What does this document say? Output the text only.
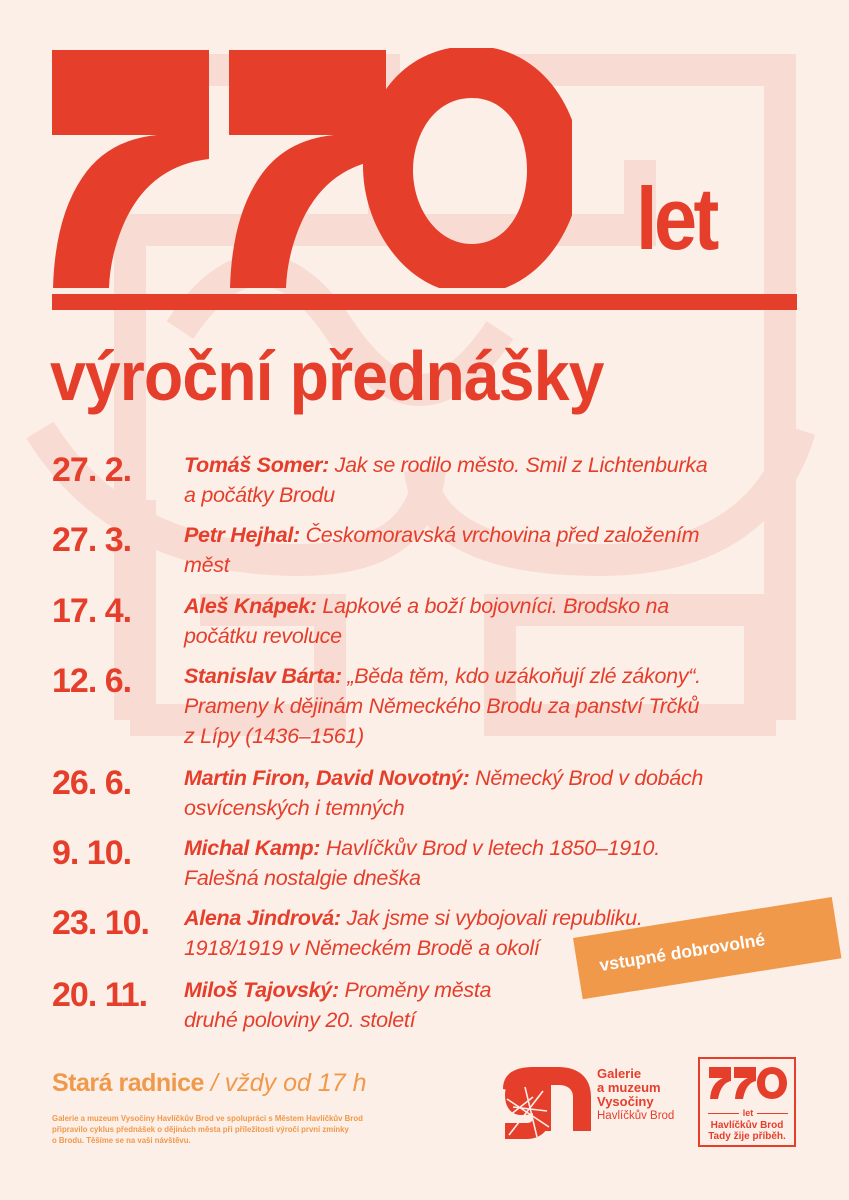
let
výroční přednášky
27. 2.	Tomáš Somer: Jak se rodilo město. Smil z Lichtenburka
a počátky Brodu
27. 3.	Petr Hejhal: Českomoravská vrchovina před založením
měst
17. 4.	Aleš Knápek: Lapkové a boží bojovníci. Brodsko na
počátku revoluce
12. 6.	Stanislav Bárta: „Běda těm, kdo uzákoňují zlé zákony“.
Prameny k dějinám Německého Brodu za panství Trčků
z Lípy (1436–1561)
26. 6.	Martin Firon, David Novotný: Německý Brod v dobách
osvícenských i temných
9. 10.	Michal Kamp: Havlíčkův Brod v letech 1850–1910.
Falešná nostalgie dneška
23. 10.	Alena Jindrová: Jak jsme si vybojovali republiku.
1918/1919 v Německém Brodě a okolí
20. 11.	Miloš Tajovský: Proměny města
druhé poloviny 20. století
vstupné dobrovolné
Stará radnice / vždy od 17 h
Galerie a muzeum Vysočiny Havlíčkův Brod ve spolupráci s Městem Havlíčkův Brod
připravilo cyklus přednášek o dějinách města při příležitosti výročí první zmínky
o Brodu. Těšíme se na vaši návštěvu.
Galerie
a muzeum
Vysočiny
Havlíčkův Brod	let
Havlíčkův Brod
Tady žije příběh.
